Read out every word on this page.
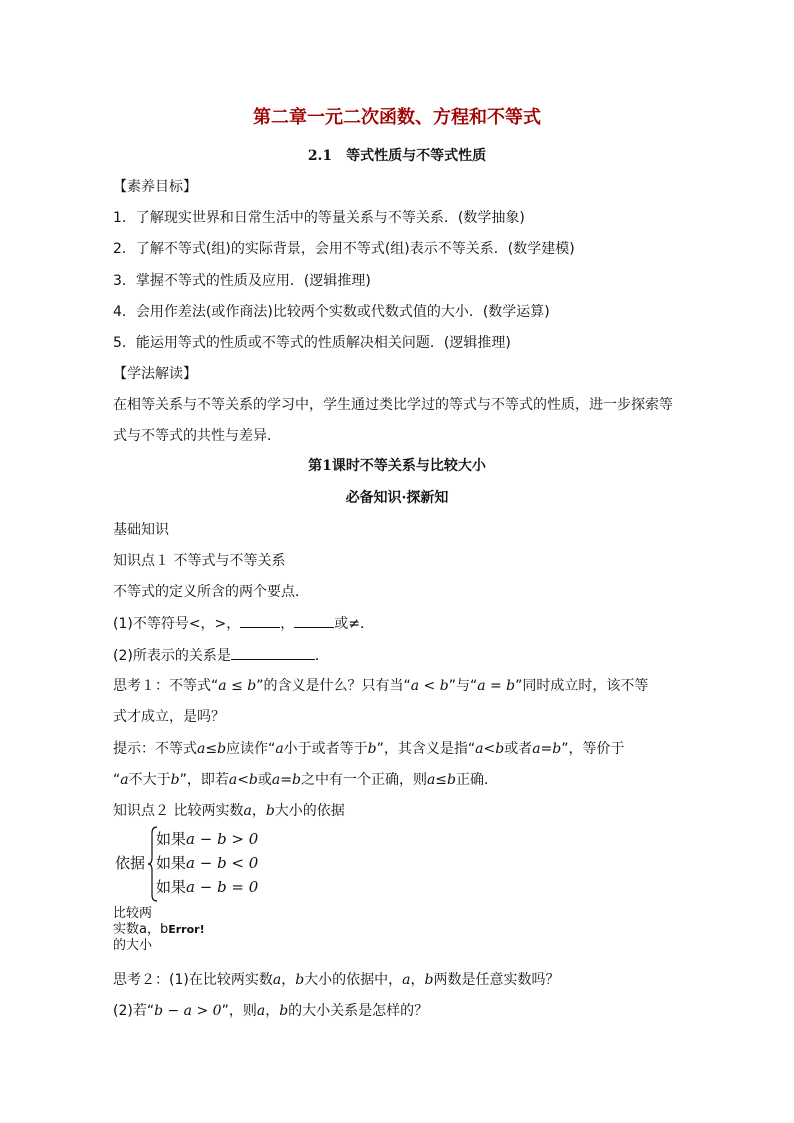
第二章一元二次函数、方程和不等式
2.1　等式性质与不等式性质
【素养目标】
1．了解现实世界和日常生活中的等量关系与不等关系．(数学抽象)
2．了解不等式(组)的实际背景，会用不等式(组)表示不等关系．(数学建模)
3．掌握不等式的性质及应用．(逻辑推理)
4．会用作差法(或作商法)比较两个实数或代数式值的大小．(数学运算)
5．能运用等式的性质或不等式的性质解决相关问题．(逻辑推理)
【学法解读】
在相等关系与不等关系的学习中，学生通过类比学过的等式与不等式的性质，进一步探索等
式与不等式的共性与差异．
第1课时不等关系与比较大小
必备知识·探新知
基础知识
知识点１ 不等式与不等关系
不等式的定义所含的两个要点．
(1)不等符号<，>，	，	或≠．
(2)所表示的关系是	．
思考１：不等式“a ≤ b”的含义是什么？只有当“a < b”与“a = b”同时成立时，该不等
式才成立，是吗？
提示：不等式a≤b应读作“a小于或者等于b”，其含义是指“a<b或者a=b”，等价于
“a不大于b”，即若a<b或a=b之中有一个正确，则a≤b正确．
知识点２ 比较两实数a，b大小的依据
依据
如果a − b > 0
如果a − b < 0
如果a − b = 0
比较两
实数a，bError!
的大小
思考２：(1)在比较两实数a，b大小的依据中，a，b两数是任意实数吗？
(2)若“b − a > 0”，则a，b的大小关系是怎样的？
